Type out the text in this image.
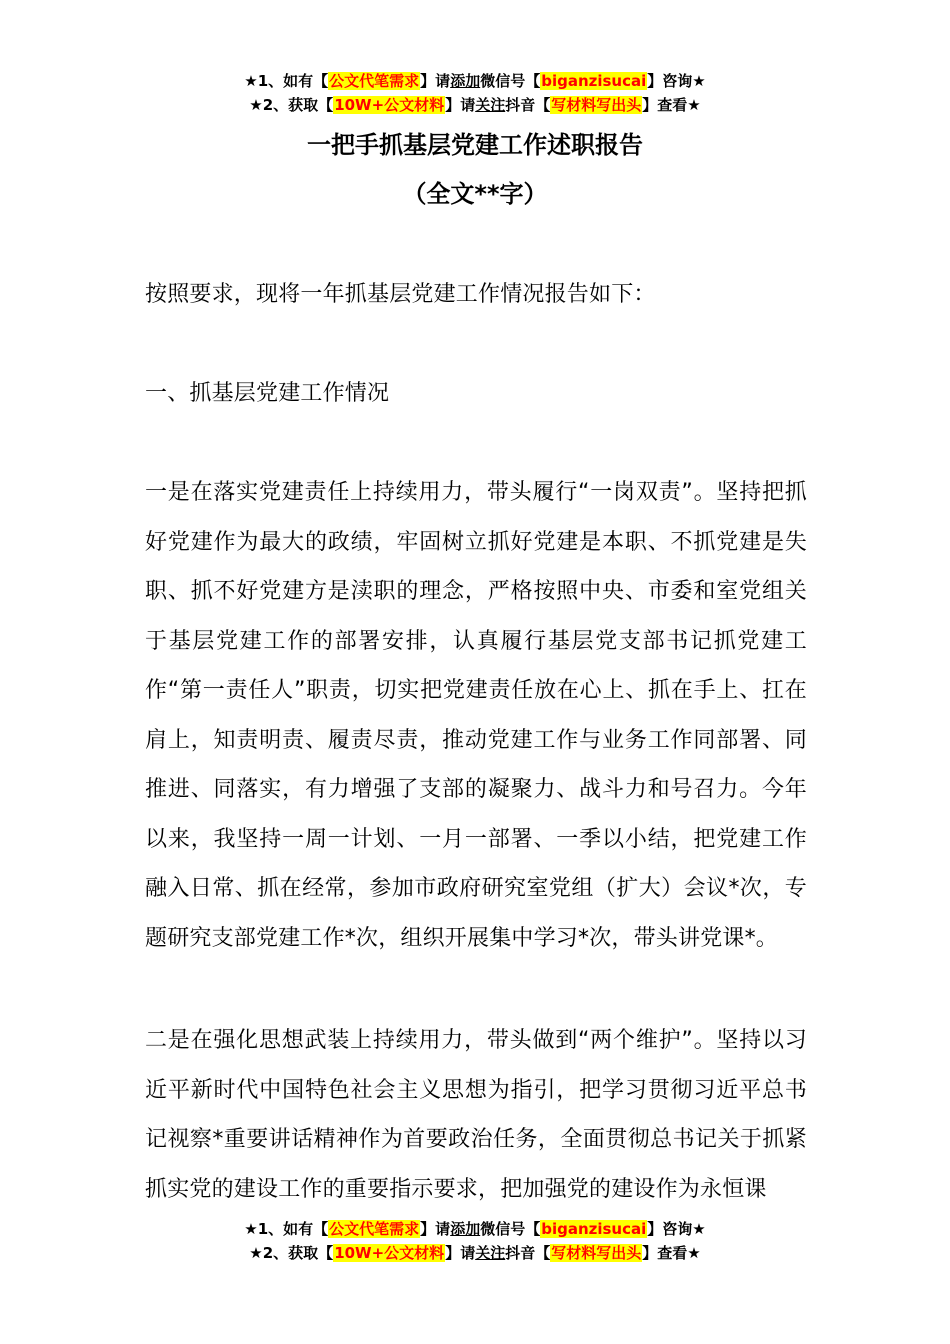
★1、如有【公文代笔需求】请添加微信号【biganzisucai】咨询★
★2、获取【10W+公文材料】请关注抖音【写材料写出头】查看★
一把手抓基层党建工作述职报告
（全文**字）

按照要求，现将一年抓基层党建工作情况报告如下：

一、抓基层党建工作情况

一是在落实党建责任上持续用力，带头履行“一岗双责”。坚持把抓好党建作为最大的政绩，牢固树立抓好党建是本职、不抓党建是失职、抓不好党建方是渎职的理念，严格按照中央、市委和室党组关于基层党建工作的部署安排，认真履行基层党支部书记抓党建工作“第一责任人”职责，切实把党建责任放在心上、抓在手上、扛在肩上，知责明责、履责尽责，推动党建工作与业务工作同部署、同推进、同落实，有力增强了支部的凝聚力、战斗力和号召力。今年以来，我坚持一周一计划、一月一部署、一季以小结，把党建工作融入日常、抓在经常，参加市政府研究室党组（扩大）会议*次，专题研究支部党建工作*次，组织开展集中学习*次，带头讲党课*。

二是在强化思想武装上持续用力，带头做到“两个维护”。坚持以习近平新时代中国特色社会主义思想为指引，把学习贯彻习近平总书记视察*重要讲话精神作为首要政治任务，全面贯彻总书记关于抓紧抓实党的建设工作的重要指示要求，把加强党的建设作为永恒课

★1、如有【公文代笔需求】请添加微信号【biganzisucai】咨询★
★2、获取【10W+公文材料】请关注抖音【写材料写出头】查看★
